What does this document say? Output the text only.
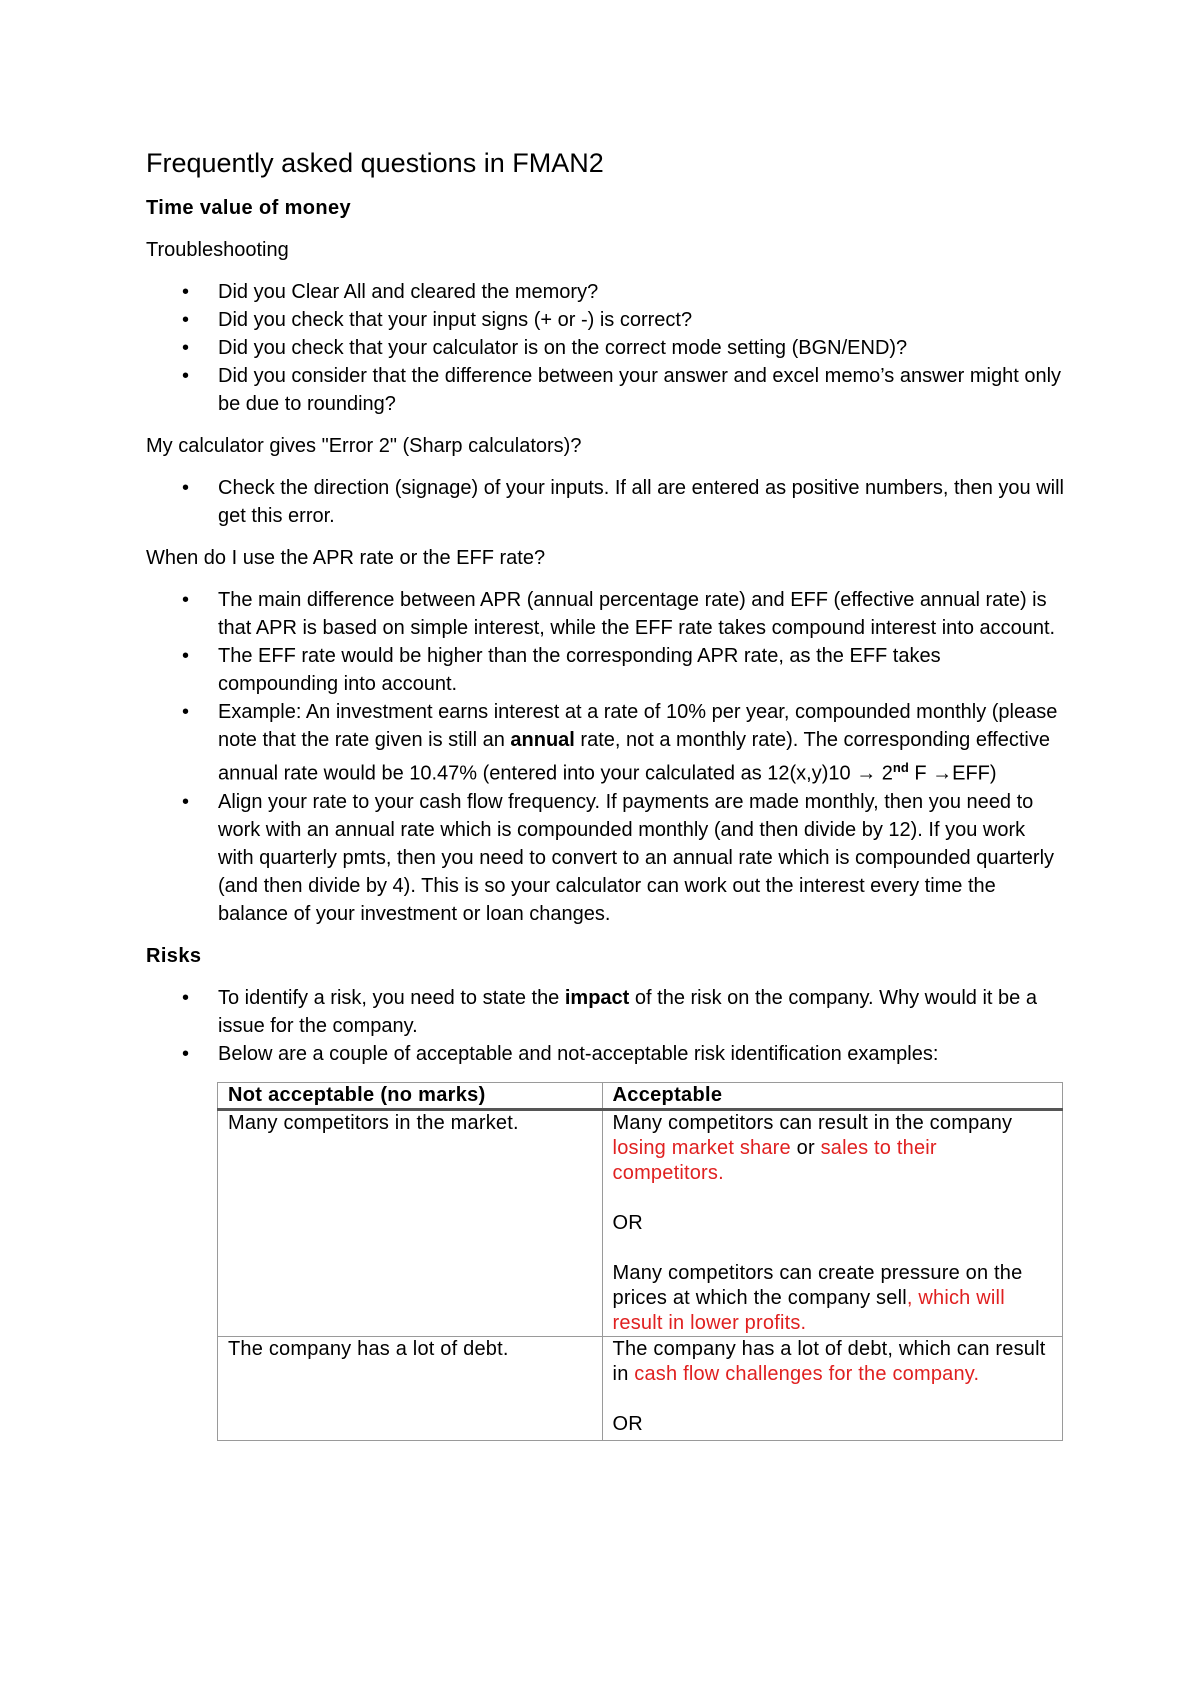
Frequently asked questions in FMAN2
Time value of money

Troubleshooting

• Did you Clear All and cleared the memory?
• Did you check that your input signs (+ or -) is correct?
• Did you check that your calculator is on the correct mode setting (BGN/END)?
• Did you consider that the difference between your answer and excel memo’s answer might only be due to rounding?

My calculator gives "Error 2" (Sharp calculators)?

• Check the direction (signage) of your inputs. If all are entered as positive numbers, then you will get this error.

When do I use the APR rate or the EFF rate?

• The main difference between APR (annual percentage rate) and EFF (effective annual rate) is that APR is based on simple interest, while the EFF rate takes compound interest into account.
• The EFF rate would be higher than the corresponding APR rate, as the EFF takes compounding into account.
• Example: An investment earns interest at a rate of 10% per year, compounded monthly (please note that the rate given is still an annual rate, not a monthly rate). The corresponding effective annual rate would be 10.47% (entered into your calculated as 12(x,y)10 → 2nd F →EFF)
• Align your rate to your cash flow frequency. If payments are made monthly, then you need to work with an annual rate which is compounded monthly (and then divide by 12). If you work with quarterly pmts, then you need to convert to an annual rate which is compounded quarterly (and then divide by 4). This is so your calculator can work out the interest every time the balance of your investment or loan changes.
Risks
• To identify a risk, you need to state the impact of the risk on the company. Why would it be a issue for the company.
• Below are a couple of acceptable and not-acceptable risk identification examples:
Not acceptable (no marks)	Acceptable
Many competitors in the market.	Many competitors can result in the company losing market share or sales to their competitors.
OR
Many competitors can create pressure on the prices at which the company sell, which will result in lower profits.
The company has a lot of debt.	The company has a lot of debt, which can result in cash flow challenges for the company.
OR
